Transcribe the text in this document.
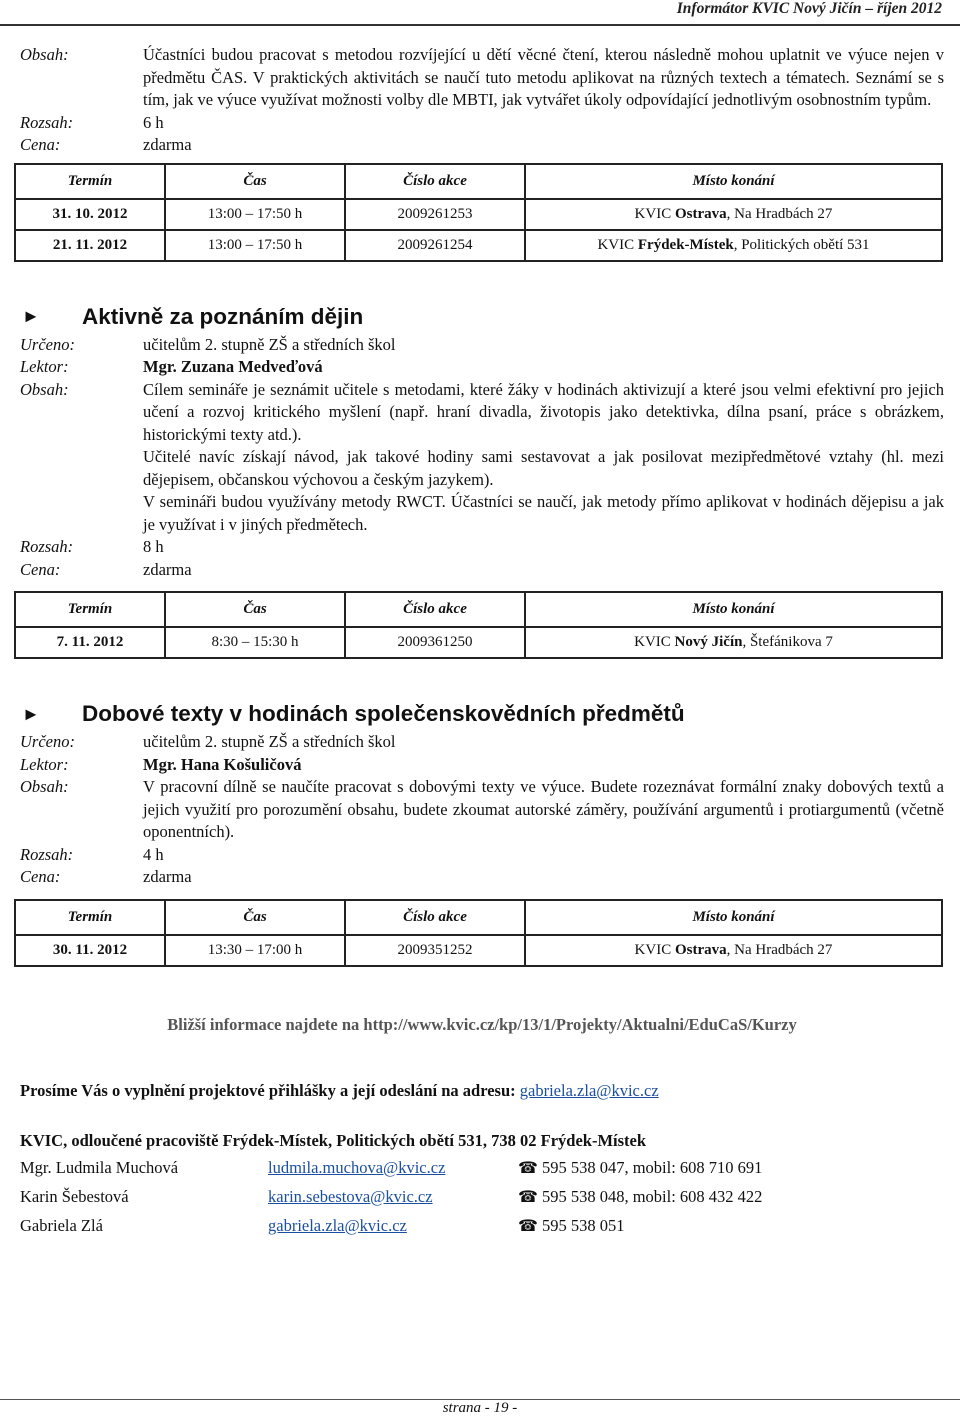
Informátor KVIC Nový Jičín – říjen 2012
Obsah:	Účastníci budou pracovat s metodou rozvíjející u dětí věcné čtení, kterou následně mohou uplatnit ve výuce nejen v předmětu ČAS. V praktických aktivitách se naučí tuto metodu aplikovat na různých textech a tématech. Seznámí se s tím, jak ve výuce využívat možnosti volby dle MBTI, jak vytvářet úkoly odpovídající jednotlivým osobnostním typům.
Rozsah:	6 h
Cena:	zdarma
Termín	Čas	Číslo akce	Místo konání
31. 10. 2012	13:00 – 17:50 h	2009261253	KVIC Ostrava, Na Hradbách 27
21. 11. 2012	13:00 – 17:50 h	2009261254	KVIC Frýdek-Místek, Politických obětí 531
►	Aktivně za poznáním dějin
Určeno:	učitelům 2. stupně ZŠ a středních škol
Lektor:	Mgr. Zuzana Medveďová
Obsah:	Cílem semináře je seznámit učitele s metodami, které žáky v hodinách aktivizují a které jsou velmi efektivní pro jejich učení a rozvoj kritického myšlení (např. hraní divadla, životopis jako detektivka, dílna psaní, práce s obrázkem, historickými texty atd.).

Učitelé navíc získají návod, jak takové hodiny sami sestavovat a jak posilovat mezipředmětové vztahy (hl. mezi dějepisem, občanskou výchovou a českým jazykem).

V semináři budou využívány metody RWCT. Účastníci se naučí, jak metody přímo aplikovat v hodinách dějepisu a jak je využívat i v jiných předmětech.

Rozsah:	8 h
Cena:	zdarma
Termín	Čas	Číslo akce	Místo konání
7. 11. 2012	8:30 – 15:30 h	2009361250	KVIC Nový Jičín, Štefánikova 7
►	Dobové texty v hodinách společenskovědních předmětů
Určeno:	učitelům 2. stupně ZŠ a středních škol
Lektor:	Mgr. Hana Košuličová
Obsah:	V pracovní dílně se naučíte pracovat s dobovými texty ve výuce. Budete rozeznávat formální znaky dobových textů a jejich využití pro porozumění obsahu, budete zkoumat autorské záměry, používání argumentů i protiargumentů (včetně oponentních).
Rozsah:	4 h
Cena:	zdarma
Termín	Čas	Číslo akce	Místo konání
30. 11. 2012	13:30 – 17:00 h	2009351252	KVIC Ostrava, Na Hradbách 27
Bližší informace najdete na http://www.kvic.cz/kp/13/1/Projekty/Aktualni/EduCaS/Kurzy
Prosíme Vás o vyplnění projektové přihlášky a její odeslání na adresu: gabriela.zla@kvic.cz
KVIC, odloučené pracoviště Frýdek-Místek, Politických obětí 531, 738 02 Frýdek-Místek
Mgr. Ludmila Muchová	ludmila.muchova@kvic.cz	☎ 595 538 047, mobil: 608 710 691
Karin Šebestová	karin.sebestova@kvic.cz	☎ 595 538 048, mobil: 608 432 422
Gabriela Zlá	gabriela.zla@kvic.cz	☎ 595 538 051
strana - 19 -
